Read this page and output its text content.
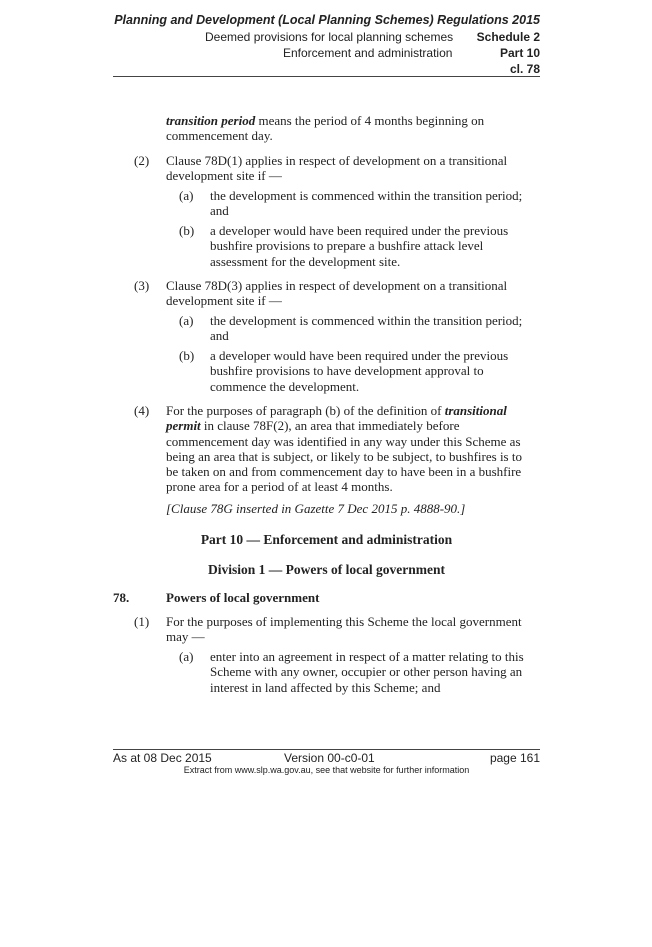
Planning and Development (Local Planning Schemes) Regulations 2015
Deemed provisions for local planning schemes	Schedule 2
Enforcement and administration	Part 10
cl. 78
transition period means the period of 4 months beginning on
commencement day.
(2) Clause 78D(1) applies in respect of development on a transitional
development site if —
(a) the development is commenced within the transition period;
and
(b) a developer would have been required under the previous
bushfire provisions to prepare a bushfire attack level
assessment for the development site.
(3) Clause 78D(3) applies in respect of development on a transitional
development site if —
(a) the development is commenced within the transition period;
and
(b) a developer would have been required under the previous
bushfire provisions to have development approval to
commence the development.
(4) For the purposes of paragraph (b) of the definition of transitional
permit in clause 78F(2), an area that immediately before
commencement day was identified in any way under this Scheme as
being an area that is subject, or likely to be subject, to bushfires is to
be taken on and from commencement day to have been in a bushfire
prone area for a period of at least 4 months.
[Clause 78G inserted in Gazette 7 Dec 2015 p. 4888-90.]
Part 10 — Enforcement and administration
Division 1 — Powers of local government
78.	Powers of local government
(1) For the purposes of implementing this Scheme the local government
may —
(a) enter into an agreement in respect of a matter relating to this
Scheme with any owner, occupier or other person having an
interest in land affected by this Scheme; and
As at 08 Dec 2015	Version 00-c0-01	page 161
Extract from www.slp.wa.gov.au, see that website for further information
